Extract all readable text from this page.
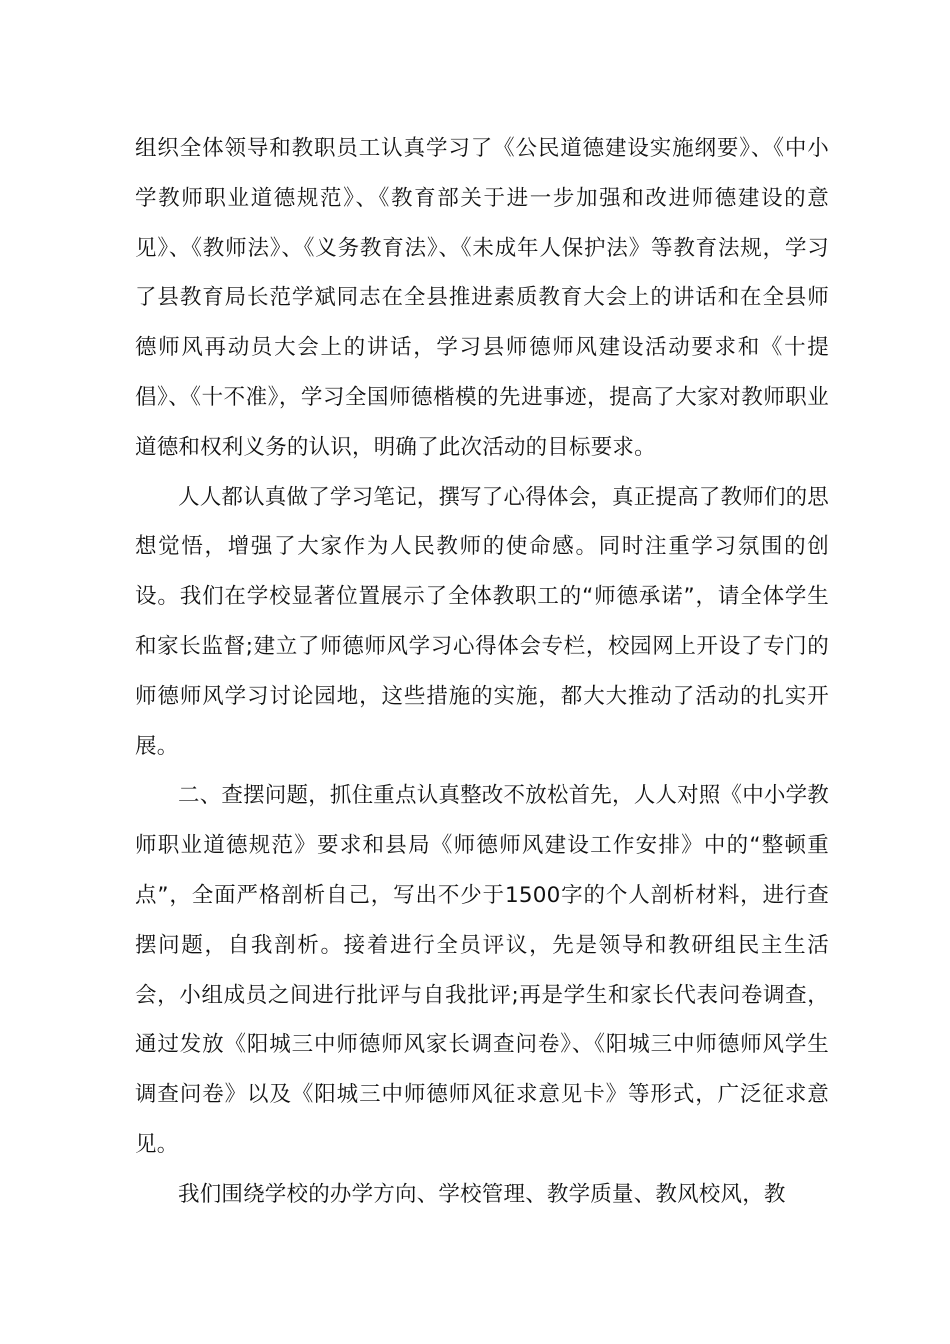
组织全体领导和教职员工认真学习了《公民道德建设实施纲要》、《中小学教师职业道德规范》、《教育部关于进一步加强和改进师德建设的意见》、《教师法》、《义务教育法》、《未成年人保护法》等教育法规，学习了县教育局长范学斌同志在全县推进素质教育大会上的讲话和在全县师德师风再动员大会上的讲话，学习县师德师风建设活动要求和《十提倡》、《十不准》，学习全国师德楷模的先进事迹，提高了大家对教师职业道德和权利义务的认识，明确了此次活动的目标要求。

人人都认真做了学习笔记，撰写了心得体会，真正提高了教师们的思想觉悟，增强了大家作为人民教师的使命感。同时注重学习氛围的创设。我们在学校显著位置展示了全体教职工的“师德承诺”，请全体学生和家长监督;建立了师德师风学习心得体会专栏，校园网上开设了专门的师德师风学习讨论园地，这些措施的实施，都大大推动了活动的扎实开展。

二、查摆问题，抓住重点认真整改不放松首先，人人对照《中小学教师职业道德规范》要求和县局《师德师风建设工作安排》中的“整顿重点”，全面严格剖析自己，写出不少于1500字的个人剖析材料，进行查摆问题，自我剖析。接着进行全员评议，先是领导和教研组民主生活会，小组成员之间进行批评与自我批评;再是学生和家长代表问卷调查，通过发放《阳城三中师德师风家长调查问卷》、《阳城三中师德师风学生调查问卷》以及《阳城三中师德师风征求意见卡》等形式，广泛征求意见。

我们围绕学校的办学方向、学校管理、教学质量、教风校风，教
